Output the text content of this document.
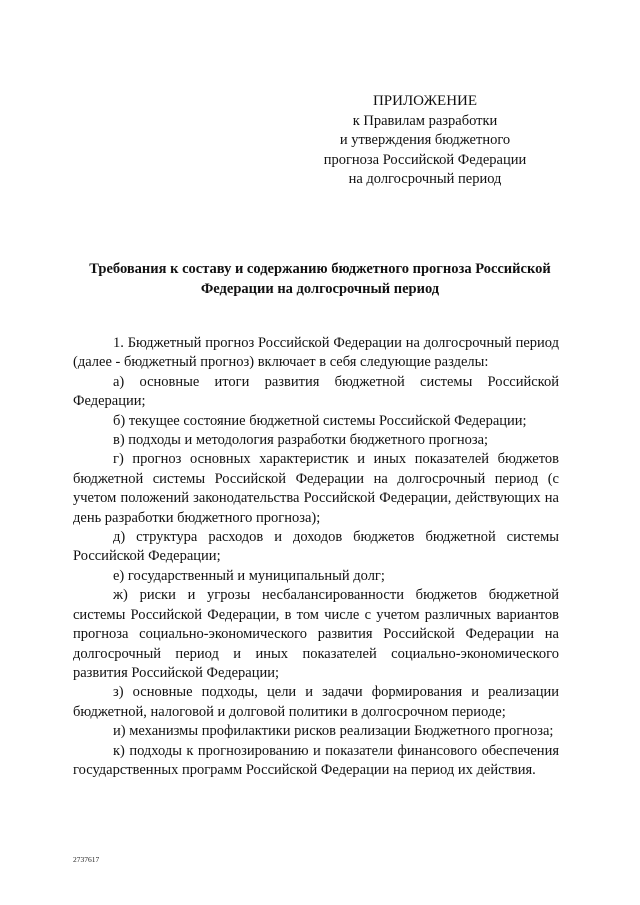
ПРИЛОЖЕНИЕ
к Правилам разработки
и утверждения бюджетного
прогноза Российской Федерации
на долгосрочный период
Требования к составу и содержанию бюджетного прогноза Российской
Федерации на долгосрочный период

1. Бюджетный прогноз Российской Федерации на долгосрочный период (далее - бюджетный прогноз) включает в себя следующие разделы:

а) основные итоги развития бюджетной системы Российской Федерации;

б) текущее состояние бюджетной системы Российской Федерации;

в) подходы и методология разработки бюджетного прогноза;

г) прогноз основных характеристик и иных показателей бюджетов бюджетной системы Российской Федерации на долгосрочный период (с учетом положений законодательства Российской Федерации, действующих на день разработки бюджетного прогноза);

д) структура расходов и доходов бюджетов бюджетной системы Российской Федерации;

е) государственный и муниципальный долг;

ж) риски и угрозы несбалансированности бюджетов бюджетной системы Российской Федерации, в том числе с учетом различных вариантов прогноза социально-экономического развития Российской Федерации на долгосрочный период и иных показателей социально-экономического развития Российской Федерации;

з) основные подходы, цели и задачи формирования и реализации бюджетной, налоговой и долговой политики в долгосрочном периоде;

и) механизмы профилактики рисков реализации Бюджетного прогноза;

к) подходы к прогнозированию и показатели финансового обеспечения государственных программ Российской Федерации на период их действия.

2737617
